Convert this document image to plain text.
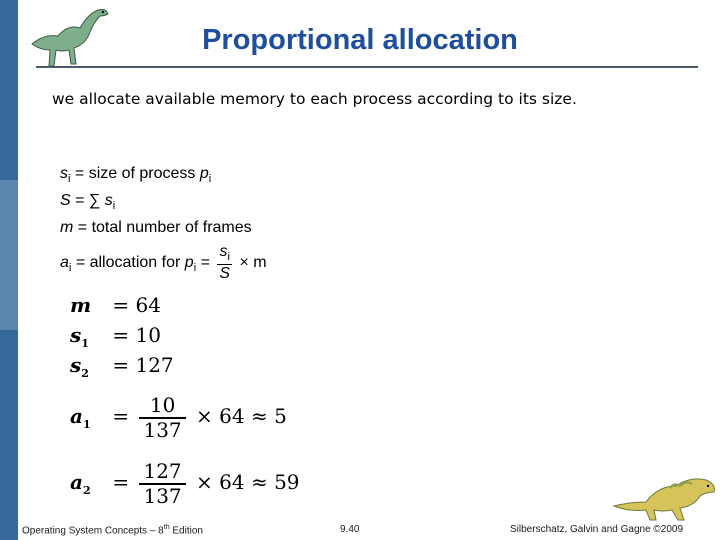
Proportional allocation
we allocate available memory to each process according to its size.
$s_i$ = size of process $p_i$
S = ∑ $s_i$
m = total number of frames
$a_i$ = allocation for $p_i = \frac{s_i}{S} \times m$
m = 64
$s_1 = 10$
$s_2 = 127$
$a_1 = \frac{10}{137} \times 64 \approx 5$
$a_2 = \frac{127}{137} \times 64 \approx 59$
Operating System Concepts – 8th Edition	9.40	Silberschatz, Galvin and Gagne ©2009
